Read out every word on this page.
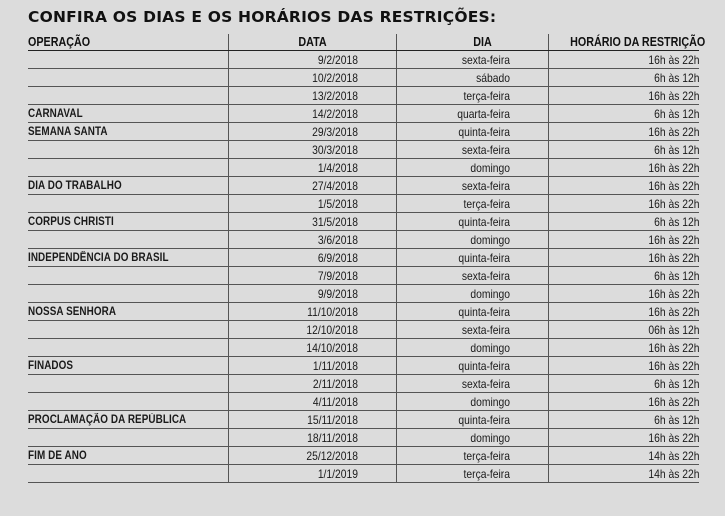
CONFIRA OS DIAS E OS HORÁRIOS DAS RESTRIÇÕES:
OPERAÇÃO	DATA	DIA	HORÁRIO DA RESTRIÇÃO

	9/2/2018	sexta-feira	16h às 22h

	10/2/2018	sábado	6h às 12h

	13/2/2018	terça-feira	16h às 22h

CARNAVAL	14/2/2018	quarta-feira	6h às 12h

SEMANA SANTA	29/3/2018	quinta-feira	16h às 22h

	30/3/2018	sexta-feira	6h às 12h

	1/4/2018	domingo	16h às 22h

DIA DO TRABALHO	27/4/2018	sexta-feira	16h às 22h

	1/5/2018	terça-feira	16h às 22h

CORPUS CHRISTI	31/5/2018	quinta-feira	6h às 12h

	3/6/2018	domingo	16h às 22h

INDEPENDÊNCIA DO BRASIL	6/9/2018	quinta-feira	16h às 22h

	7/9/2018	sexta-feira	6h às 12h

	9/9/2018	domingo	16h às 22h

NOSSA SENHORA	11/10/2018	quinta-feira	16h às 22h

	12/10/2018	sexta-feira	06h às 12h

	14/10/2018	domingo	16h às 22h

FINADOS	1/11/2018	quinta-feira	16h às 22h

	2/11/2018	sexta-feira	6h às 12h

	4/11/2018	domingo	16h às 22h

PROCLAMAÇÃO DA REPÚBLICA	15/11/2018	quinta-feira	6h às 12h

	18/11/2018	domingo	16h às 22h

FIM DE ANO	25/12/2018	terça-feira	14h às 22h

	1/1/2019	terça-feira	14h às 22h
